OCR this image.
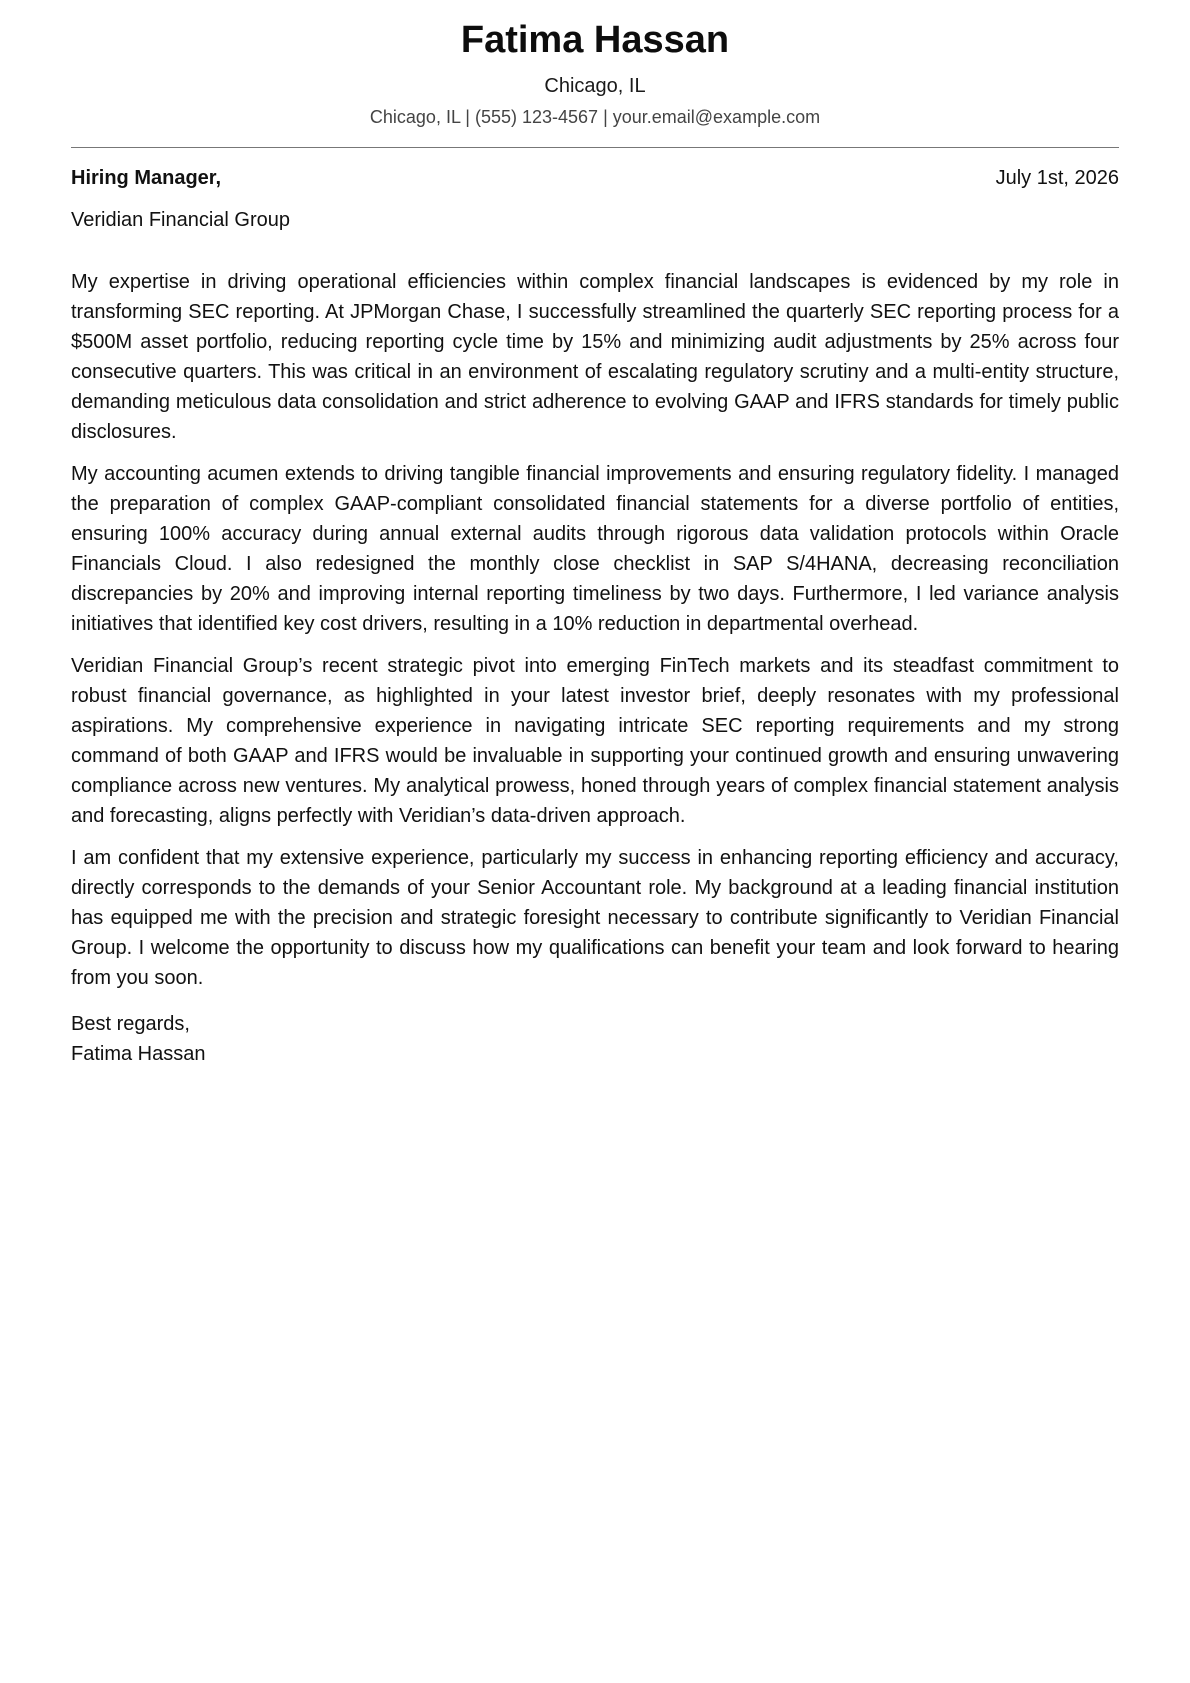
Fatima Hassan
Chicago, IL
Chicago, IL | (555) 123-4567 | your.email@example.com
Hiring Manager,	July 1st, 2026
Veridian Financial Group

My expertise in driving operational efficiencies within complex financial landscapes is evidenced by my role in transforming SEC reporting. At JPMorgan Chase, I successfully streamlined the quarterly SEC reporting process for a $500M asset portfolio, reducing reporting cycle time by 15% and minimizing audit adjustments by 25% across four consecutive quarters. This was critical in an environment of escalating regulatory scrutiny and a multi-entity structure, demanding meticulous data consolidation and strict adherence to evolving GAAP and IFRS standards for timely public disclosures.

My accounting acumen extends to driving tangible financial improvements and ensuring regulatory fidelity. I managed the preparation of complex GAAP-compliant consolidated financial statements for a diverse portfolio of entities, ensuring 100% accuracy during annual external audits through rigorous data validation protocols within Oracle Financials Cloud. I also redesigned the monthly close checklist in SAP S/4HANA, decreasing reconciliation discrepancies by 20% and improving internal reporting timeliness by two days. Furthermore, I led variance analysis initiatives that identified key cost drivers, resulting in a 10% reduction in departmental overhead.

Veridian Financial Group’s recent strategic pivot into emerging FinTech markets and its steadfast commitment to robust financial governance, as highlighted in your latest investor brief, deeply resonates with my professional aspirations. My comprehensive experience in navigating intricate SEC reporting requirements and my strong command of both GAAP and IFRS would be invaluable in supporting your continued growth and ensuring unwavering compliance across new ventures. My analytical prowess, honed through years of complex financial statement analysis and forecasting, aligns perfectly with Veridian’s data-driven approach.

I am confident that my extensive experience, particularly my success in enhancing reporting efficiency and accuracy, directly corresponds to the demands of your Senior Accountant role. My background at a leading financial institution has equipped me with the precision and strategic foresight necessary to contribute significantly to Veridian Financial Group. I welcome the opportunity to discuss how my qualifications can benefit your team and look forward to hearing from you soon.

Best regards,
Fatima Hassan
